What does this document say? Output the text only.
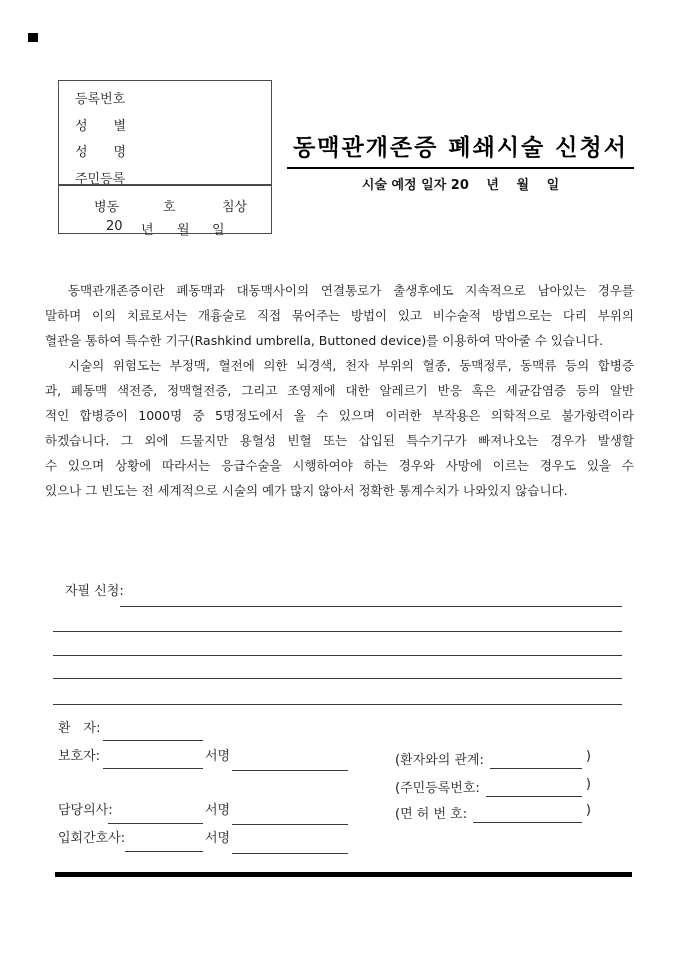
등록번호
성　　별
성　　명
주민등록
병동	호	침상
20 년 월 일
동맥관개존증 폐쇄시술 신청서
시술 예정 일자 20　 년　 월　 일
동맥관개존증이란 폐동맥과 대동맥사이의 연결통로가 출생후에도 지속적으로 남아있는 경우를
말하며 이의 치료로서는 개흉술로 직접 묶어주는 방법이 있고 비수술적 방법으로는 다리 부위의
혈관을 통하여 특수한 기구(Rashkind umbrella, Buttoned device)를 이용하여 막아줄 수 있습니다.
시술의 위험도는 부정맥, 혈전에 의한 뇌경색, 천자 부위의 혈종, 동맥정루, 동맥류 등의 합병증
과, 폐동맥 색전증, 정맥혈전증, 그리고 조영제에 대한 알레르기 반응 혹은 세균감염증 등의 알반
적인 합병증이 1000명 중 5명정도에서 올 수 있으며 이러한 부작용은 의학적으로 불가항력이라
하겠습니다. 그 외에 드물지만 용혈성 빈혈 또는 삽입된 특수기구가 빠져나오는 경우가 발생할
수 있으며 상황에 따라서는 응급수술을 시행하여야 하는 경우와 사망에 이르는 경우도 있을 수
있으나 그 빈도는 전 세계적으로 시술의 예가 많지 않아서 정확한 통계수치가 나와있지 않습니다.
자필 신청:
환　자:
보호자:	서명	(환자와의 관계:	)
(주민등록번호:	)
담당의사:	서명	(면 허 번 호:	)
입회간호사:	서명
